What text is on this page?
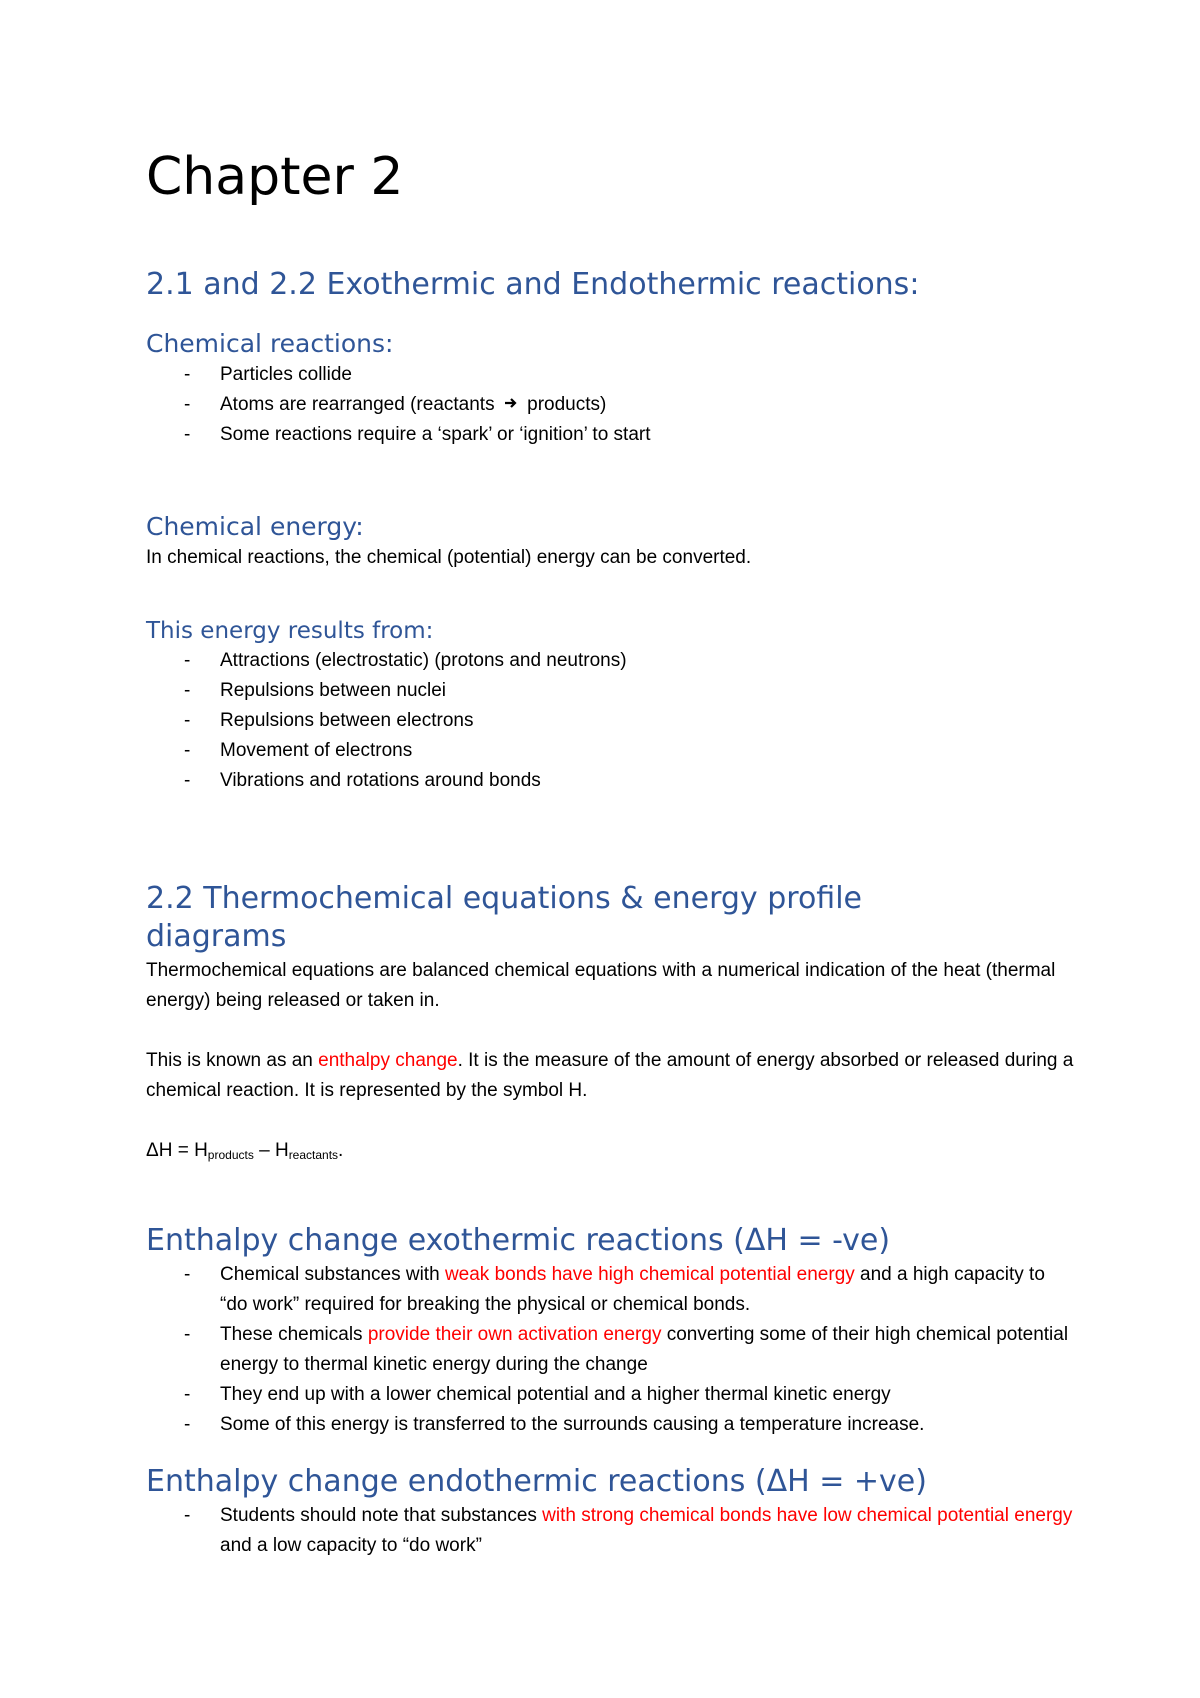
Chapter 2
2.1 and 2.2 Exothermic and Endothermic reactions:
Chemical reactions:
- Particles collide
- Atoms are rearranged (reactants products)
- Some reactions require a ‘spark’ or ‘ignition’ to start
Chemical energy:

In chemical reactions, the chemical (potential) energy can be converted.

This energy results from:
- Attractions (electrostatic) (protons and neutrons)
- Repulsions between nuclei
- Repulsions between electrons
- Movement of electrons
- Vibrations and rotations around bonds
2.2 Thermochemical equations & energy profile
diagrams

Thermochemical equations are balanced chemical equations with a numerical indication of the heat (thermal energy) being released or taken in.

This is known as an enthalpy change. It is the measure of the amount of energy absorbed or released during a chemical reaction. It is represented by the symbol H.

$\Delta H = H_{products} - H_{reactants}$.

Enthalpy change exothermic reactions (ΔH = -ve)
- Chemical substances with weak bonds have high chemical potential energy and a high capacity to “do work” required for breaking the physical or chemical bonds.
- These chemicals provide their own activation energy converting some of their high chemical potential energy to thermal kinetic energy during the change
- They end up with a lower chemical potential and a higher thermal kinetic energy
- Some of this energy is transferred to the surrounds causing a temperature increase.
Enthalpy change endothermic reactions (ΔH = +ve)
- Students should note that substances with strong chemical bonds have low chemical potential energy and a low capacity to “do work”
